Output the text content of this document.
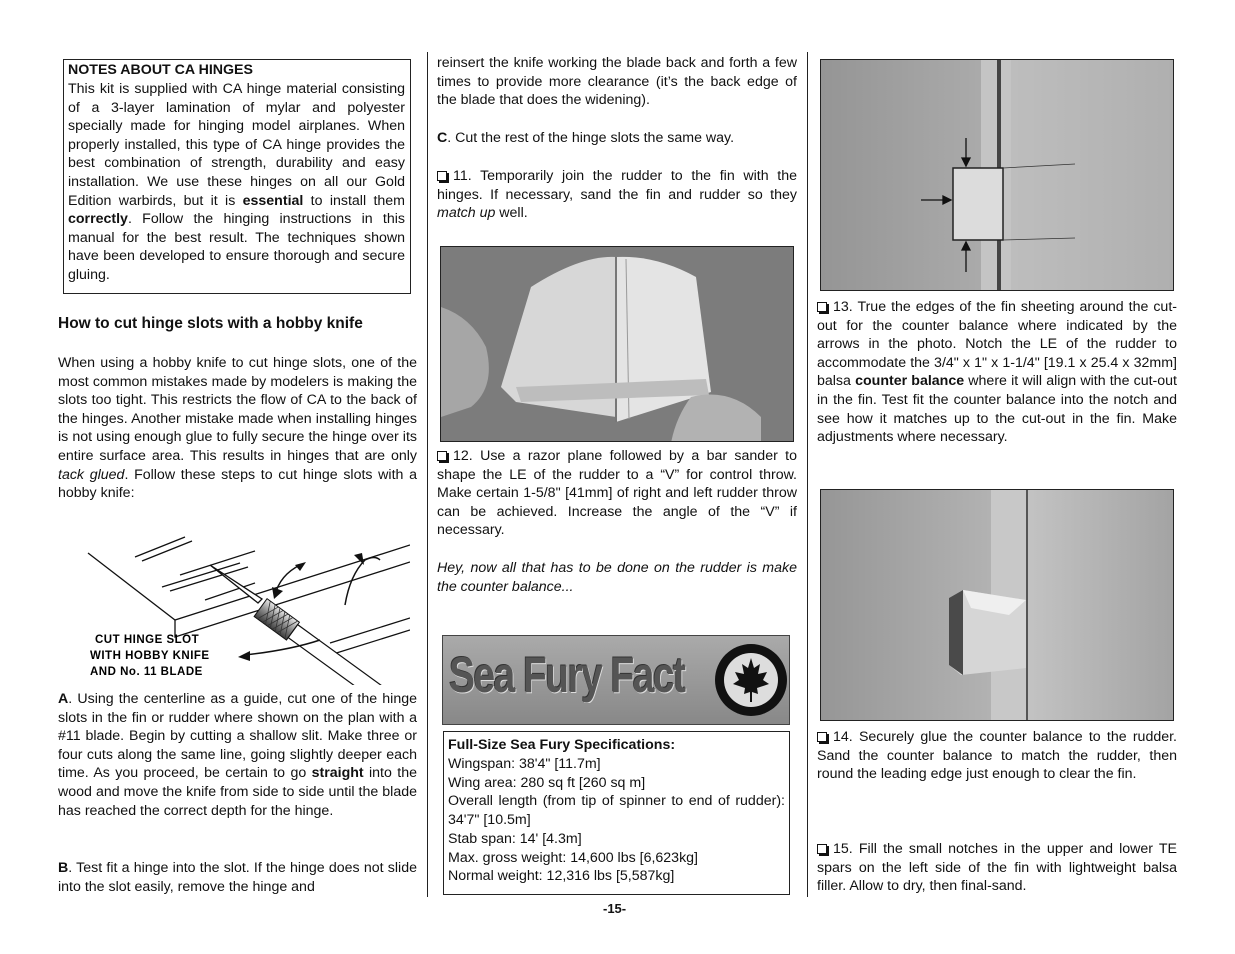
NOTES ABOUT CA HINGES

This kit is supplied with CA hinge material consisting of a 3-layer lamination of mylar and polyester specially made for hinging model airplanes. When properly installed, this type of CA hinge provides the best combination of strength, durability and easy installation. We use these hinges on all our Gold Edition warbirds, but it is essential to install them correctly. Follow the hinging instructions in this manual for the best result. The techniques shown have been developed to ensure thorough and secure gluing.

How to cut hinge slots with a hobby knife

When using a hobby knife to cut hinge slots, one of the most common mistakes made by modelers is making the slots too tight. This restricts the flow of CA to the back of the hinges. Another mistake made when installing hinges is not using enough glue to fully secure the hinge over its entire surface area. This results in hinges that are only tack glued. Follow these steps to cut hinge slots with a hobby knife:

CUT HINGE SLOT
WITH HOBBY KNIFE
AND No. 11 BLADE

A. Using the centerline as a guide, cut one of the hinge slots in the fin or rudder where shown on the plan with a #11 blade. Begin by cutting a shallow slit. Make three or four cuts along the same line, going slightly deeper each time. As you proceed, be certain to go straight into the wood and move the knife from side to side until the blade has reached the correct depth for the hinge.

B. Test fit a hinge into the slot. If the hinge does not slide into the slot easily, remove the hinge and

reinsert the knife working the blade back and forth a few times to provide more clearance (it’s the back edge of the blade that does the widening).

C. Cut the rest of the hinge slots the same way.

11. Temporarily join the rudder to the fin with the hinges. If necessary, sand the fin and rudder so they match up well.

12. Use a razor plane followed by a bar sander to shape the LE of the rudder to a “V” for control throw. Make certain 1-5/8" [41mm] of right and left rudder throw can be achieved. Increase the angle of the “V” if necessary.

Hey, now all that has to be done on the rudder is make the counter balance...

Sea Fury Fact
Full-Size Sea Fury Specifications:
Wingspan: 38'4" [11.7m]
Wing area: 280 sq ft [260 sq m]
Overall length (from tip of spinner to end of rudder): 34'7" [10.5m]
Stab span: 14' [4.3m]
Max. gross weight: 14,600 lbs [6,623kg]
Normal weight: 12,316 lbs [5,587kg]
-15-

13. True the edges of the fin sheeting around the cut-out for the counter balance where indicated by the arrows in the photo. Notch the LE of the rudder to accommodate the 3/4" x 1" x 1-1/4" [19.1 x 25.4 x 32mm] balsa counter balance where it will align with the cut-out in the fin. Test fit the counter balance into the notch and see how it matches up to the cut-out in the fin. Make adjustments where necessary.

14. Securely glue the counter balance to the rudder. Sand the counter balance to match the rudder, then round the leading edge just enough to clear the fin.

15. Fill the small notches in the upper and lower TE spars on the left side of the fin with lightweight balsa filler. Allow to dry, then final-sand.
